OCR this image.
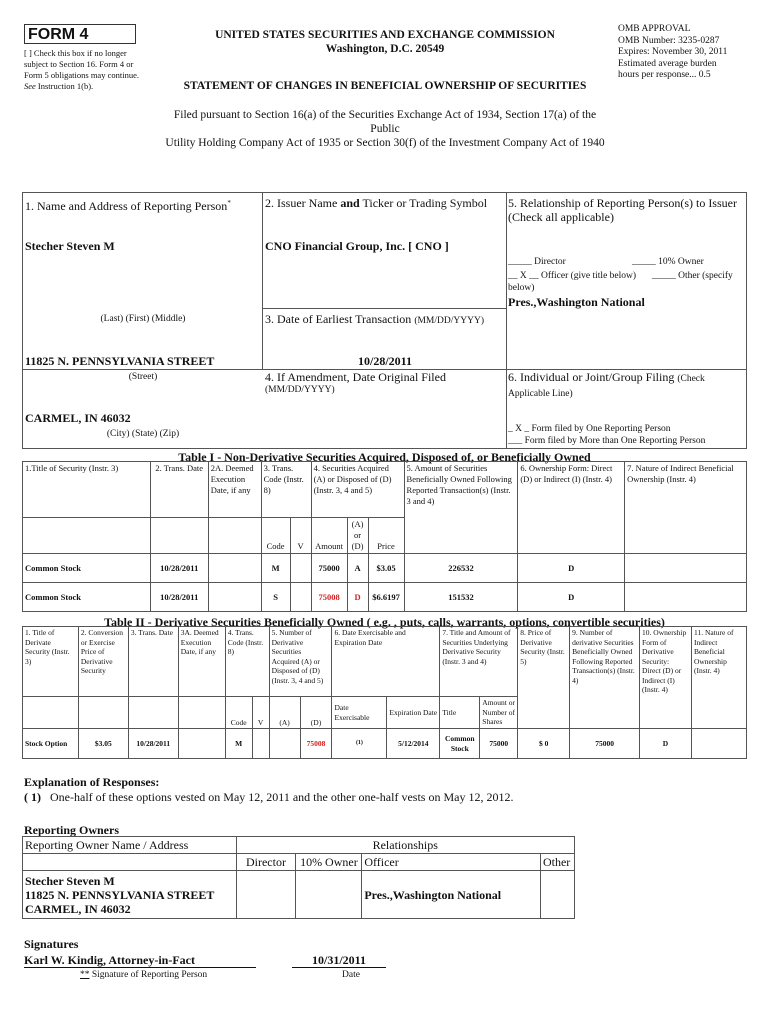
FORM 4
[ ] Check this box if no longer subject to Section 16. Form 4 or Form 5 obligations may continue. See Instruction 1(b).
UNITED STATES SECURITIES AND EXCHANGE COMMISSION
Washington, D.C. 20549
STATEMENT OF CHANGES IN BENEFICIAL OWNERSHIP OF SECURITIES
OMB APPROVAL
OMB Number: 3235-0287
Expires: November 30, 2011
Estimated average burden
hours per response... 0.5
Filed pursuant to Section 16(a) of the Securities Exchange Act of 1934, Section 17(a) of the
Public
Utility Holding Company Act of 1935 or Section 30(f) of the Investment Company Act of 1940
1. Name and Address of Reporting Person*
Stecher Steven M
(Last) (First) (Middle)
11825 N. PENNSYLVANIA STREET
(Street)
CARMEL, IN 46032
(City) (State) (Zip)
2. Issuer Name and Ticker or Trading Symbol
CNO Financial Group, Inc. [ CNO ]
3. Date of Earliest Transaction (MM/DD/YYYY)
10/28/2011
4. If Amendment, Date Original Filed
(MM/DD/YYYY)
5. Relationship of Reporting Person(s) to Issuer
(Check all applicable)
_____ Director	_____ 10% Owner
__ X __ Officer (give title below)	_____ Other (specify below)
Pres.,Washington National
6. Individual or Joint/Group Filing (Check Applicable Line)
_ X _ Form filed by One Reporting Person
___ Form filed by More than One Reporting Person
Table I - Non-Derivative Securities Acquired, Disposed of, or Beneficially Owned
1.Title of Security (Instr. 3)	2. Trans. Date	2A. Deemed Execution Date, if any	3. Trans. Code (Instr. 8)		4. Securities Acquired (A) or Disposed of (D) (Instr. 3, 4 and 5)			5. Amount of Securities Beneficially Owned Following Reported Transaction(s) (Instr. 3 and 4)	6. Ownership Form: Direct (D) or Indirect (I) (Instr. 4)	7. Nature of Indirect Beneficial Ownership (Instr. 4)
			Code	V	Amount	(A) or (D)	Price			
Common Stock	10/28/2011		M		75000	A	$3.05	226532	D	
Common Stock	10/28/2011		S		75008	D	$6.6197	151532	D	
Table II - Derivative Securities Beneficially Owned ( e.g. , puts, calls, warrants, options, convertible securities)
1. Title of Derivate Security (Instr. 3)	2. Conversion or Exercise Price of Derivative Security	3. Trans. Date	3A. Deemed Execution Date, if any	4. Trans. Code (Instr. 8)		5. Number of Derivative Securities Acquired (A) or Disposed of (D) (Instr. 3, 4 and 5)		6. Date Exercisable and Expiration Date		7. Title and Amount of Securities Underlying Derivative Security (Instr. 3 and 4)		8. Price of Derivative Security (Instr. 5)	9. Number of derivative Securities Beneficially Owned Following Reported Transaction(s) (Instr. 4)	10. Ownership Form of Derivative Security: Direct (D) or Indirect (I) (Instr. 4)	11. Nature of Indirect Beneficial Ownership (Instr. 4)
				Code	V	(A)	(D)	Date Exercisable	Expiration Date	Title	Amount or Number of Shares				
Stock Option	$3.05	10/28/2011		M			75008	(1)	5/12/2014	Common Stock	75000	$ 0	75000	D	
Explanation of Responses:
( 1) One-half of these options vested on May 12, 2011 and the other one-half vests on May 12, 2012.
Reporting Owners
Reporting Owner Name / Address	Relationships			
	Director	10% Owner	Officer	Other

Stecher Steven M
11825 N. PENNSYLVANIA STREET
CARMEL, IN 46032			Pres.,Washington National	
Signatures
Karl W. Kindig, Attorney-in-Fact	10/31/2011
** Signature of Reporting Person	Date
